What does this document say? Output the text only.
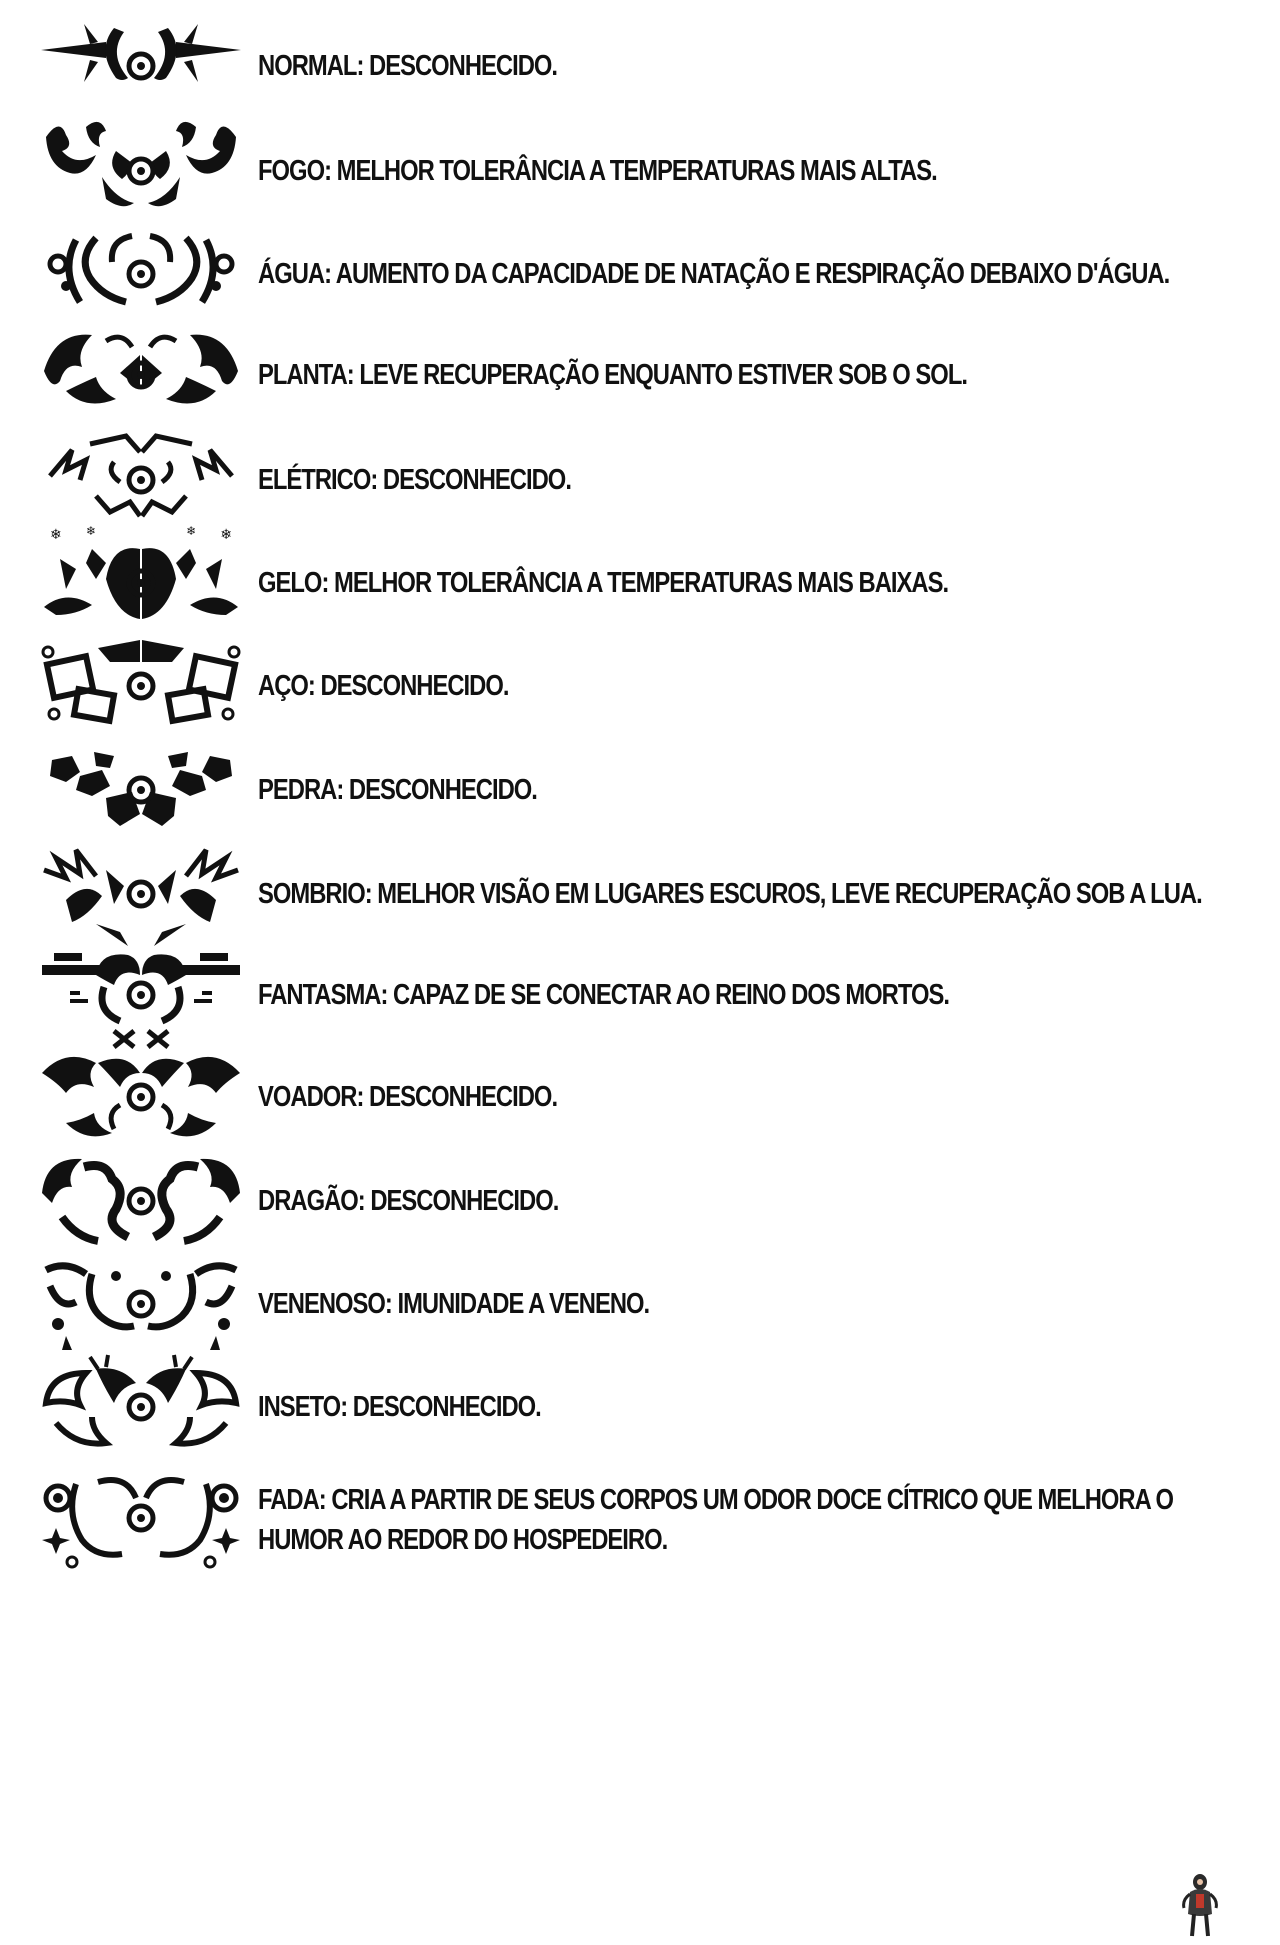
NORMAL: DESCONHECIDO.
FOGO: MELHOR TOLERÂNCIA A TEMPERATURAS MAIS ALTAS.
ÁGUA: AUMENTO DA CAPACIDADE DE NATAÇÃO E RESPIRAÇÃO DEBAIXO D'ÁGUA.
PLANTA: LEVE RECUPERAÇÃO ENQUANTO ESTIVER SOB O SOL.
ELÉTRICO: DESCONHECIDO.
❄ ❄	❄
❄
GELO: MELHOR TOLERÂNCIA A TEMPERATURAS MAIS BAIXAS.
AÇO: DESCONHECIDO.
PEDRA: DESCONHECIDO.
SOMBRIO: MELHOR VISÃO EM LUGARES ESCUROS, LEVE RECUPERAÇÃO SOB A LUA.
FANTASMA: CAPAZ DE SE CONECTAR AO REINO DOS MORTOS.
VOADOR: DESCONHECIDO.
DRAGÃO: DESCONHECIDO.
VENENOSO: IMUNIDADE A VENENO.
INSETO: DESCONHECIDO.
FADA: CRIA A PARTIR DE SEUS CORPOS UM ODOR DOCE CÍTRICO QUE MELHORA O HUMOR AO REDOR DO HOSPEDEIRO.
